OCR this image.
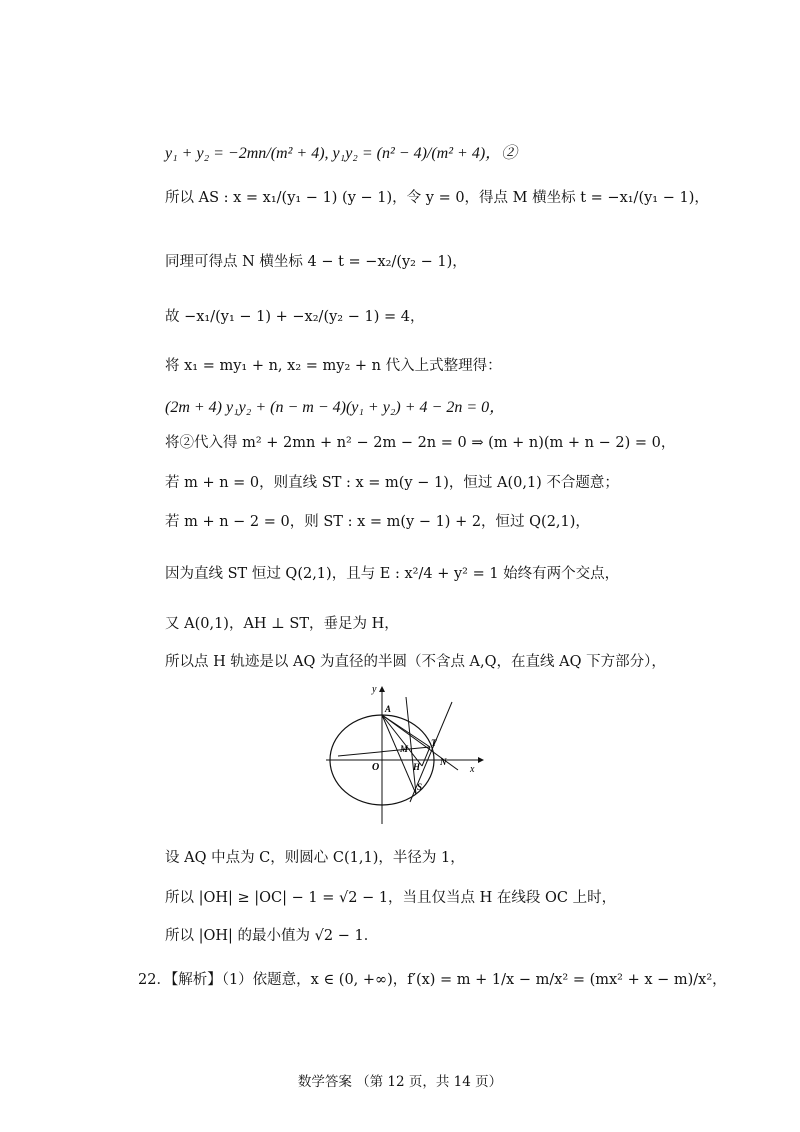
y₁ + y₂ = −2mn/(m² + 4), y₁y₂ = (n² − 4)/(m² + 4)，②
所以 AS : x = x₁/(y₁ − 1) (y − 1)，令 y = 0，得点 M 横坐标 t = −x₁/(y₁ − 1)，
同理可得点 N 横坐标 4 − t = −x₂/(y₂ − 1)，
故 −x₁/(y₁ − 1) + −x₂/(y₂ − 1) = 4，
将 x₁ = my₁ + n, x₂ = my₂ + n 代入上式整理得：
(2m + 4) y₁y₂ + (n − m − 4)(y₁ + y₂) + 4 − 2n = 0，
将②代入得 m² + 2mn + n² − 2m − 2n = 0 ⇒ (m + n)(m + n − 2) = 0，
若 m + n = 0，则直线 ST : x = m(y − 1)，恒过 A(0,1) 不合题意；
若 m + n − 2 = 0，则 ST : x = m(y − 1) + 2，恒过 Q(2,1)，
因为直线 ST 恒过 Q(2,1)，且与 E : x²/4 + y² = 1 始终有两个交点，
又 A(0,1)，AH ⊥ ST，垂足为 H，
所以点 H 轨迹是以 AQ 为直径的半圆（不含点 A,Q，在直线 AQ 下方部分），
设 AQ 中点为 C，则圆心 C(1,1)，半径为 1，
所以 |OH| ≥ |OC| − 1 = √2 − 1，当且仅当点 H 在线段 OC 上时，
所以 |OH| 的最小值为 √2 − 1．
y
x
O
A
M
T
H N
S
22．【解析】（1）依题意，x ∈ (0, +∞)，f′(x) = m + 1/x − m/x² = (mx² + x − m)/x²，
数学答案 （第 12 页，共 14 页）
